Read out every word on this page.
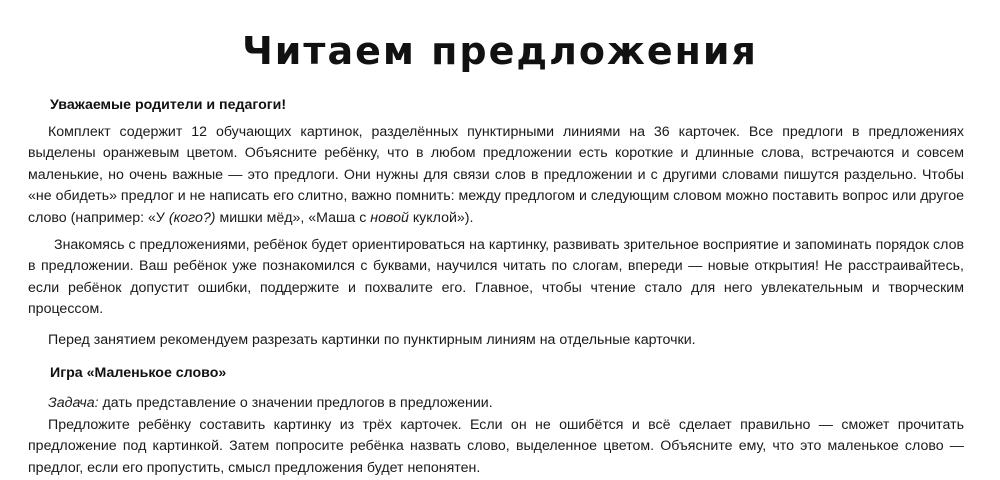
Читаем предложения

Уважаемые родители и педагоги!

Комплект содержит 12 обучающих картинок, разделённых пунктирными линиями на 36 карточек. Все предлоги в предложениях выделены оранжевым цветом. Объясните ребёнку, что в любом предложении есть короткие и длинные слова, встречаются и совсем маленькие, но очень важные — это предлоги. Они нужны для связи слов в предложении и с другими словами пишутся раздельно. Чтобы «не обидеть» предлог и не написать его слитно, важно помнить: между предлогом и следующим словом можно поставить вопрос или другое слово (например: «У (кого?) мишки мёд», «Маша с новой куклой»).

Знакомясь с предложениями, ребёнок будет ориентироваться на картинку, развивать зрительное восприятие и запоминать порядок слов в предложении. Ваш ребёнок уже познакомился с буквами, научился читать по слогам, впереди — новые открытия! Не расстраивайтесь, если ребёнок допустит ошибки, поддержите и похвалите его. Главное, чтобы чтение стало для него увлекательным и творческим процессом.

Перед занятием рекомендуем разрезать картинки по пунктирным линиям на отдельные карточки.

Игра «Маленькое слово»

Задача: дать представление о значении предлогов в предложении.

Предложите ребёнку составить картинку из трёх карточек. Если он не ошибётся и всё сделает правильно — сможет прочитать предложение под картинкой. Затем попросите ребёнка назвать слово, выделенное цветом. Объясните ему, что это маленькое слово — предлог, если его пропустить, смысл предложения будет непонятен.
